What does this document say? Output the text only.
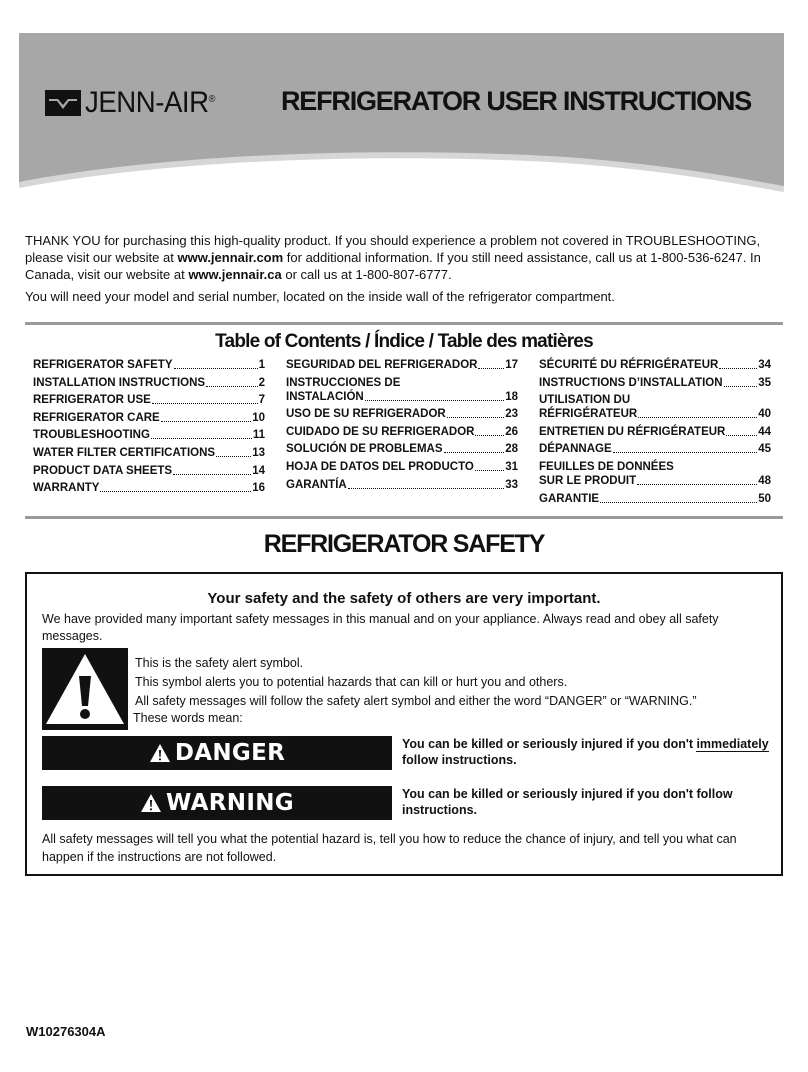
JENN-AIR® REFRIGERATOR USER INSTRUCTIONS

THANK YOU for purchasing this high-quality product. If you should experience a problem not covered in TROUBLESHOOTING, please visit our website at www.jennair.com for additional information. If you still need assistance, call us at 1-800-536-6247. In Canada, visit our website at www.jennair.ca or call us at 1-800-807-6777.

You will need your model and serial number, located on the inside wall of the refrigerator compartment.

Table of Contents / Índice / Table des matières
REFRIGERATOR SAFETY	1
INSTALLATION INSTRUCTIONS	2
REFRIGERATOR USE	7
REFRIGERATOR CARE	10
TROUBLESHOOTING	11
WATER FILTER CERTIFICATIONS	13
PRODUCT DATA SHEETS	14
WARRANTY	16
SEGURIDAD DEL REFRIGERADOR 17
INSTRUCCIONES DE
INSTALACIÓN	18
USO DE SU REFRIGERADOR	23
CUIDADO DE SU REFRIGERADOR	26
SOLUCIÓN DE PROBLEMAS	28
HOJA DE DATOS DEL PRODUCTO	31
GARANTÍA	33
SÉCURITÉ DU RÉFRIGÉRATEUR	34
INSTRUCTIONS D’INSTALLATION	35
UTILISATION DU
RÉFRIGÉRATEUR	40
ENTRETIEN DU RÉFRIGÉRATEUR	44
DÉPANNAGE	45
FEUILLES DE DONNÉES
SUR LE PRODUIT	48
GARANTIE	50
REFRIGERATOR SAFETY
Your safety and the safety of others are very important.
We have provided many important safety messages in this manual and on your appliance. Always read and obey all safety messages.
This is the safety alert symbol.
This symbol alerts you to potential hazards that can kill or hurt you and others.
All safety messages will follow the safety alert symbol and either the word “DANGER” or “WARNING.”
These words mean:
DANGER	You can be killed or seriously injured if you don't immediately
follow instructions.
WARNING	You can be killed or seriously injured if you don't follow instructions.
All safety messages will tell you what the potential hazard is, tell you how to reduce the chance of injury, and tell you what can happen if the instructions are not followed.
W10276304A
